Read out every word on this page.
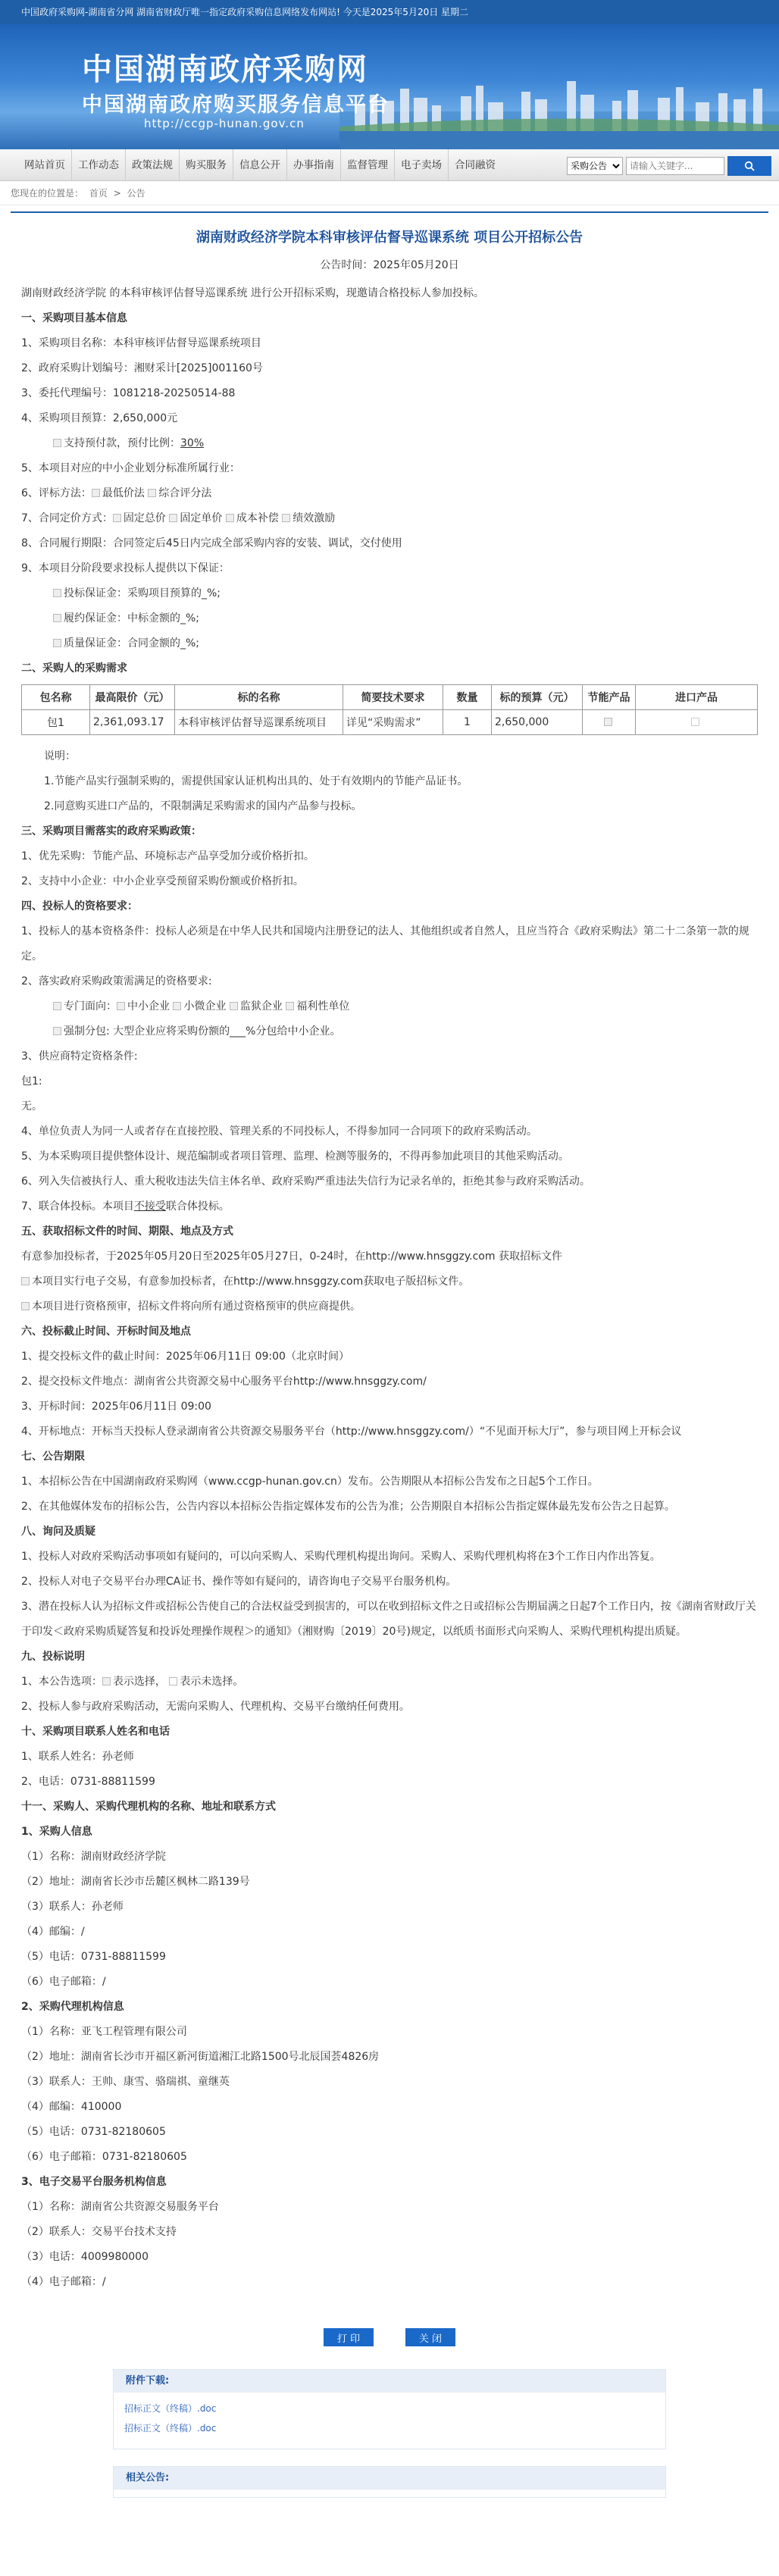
中国政府采购网-湖南省分网 湖南省财政厅唯一指定政府采购信息网络发布网站! 今天是2025年5月20日 星期二
中国湖南政府采购网
中国湖南政府购买服务信息平台
http://ccgp-hunan.gov.cn
网站首页	工作动态	政策法规	购买服务	信息公开	办事指南	监督管理	电子卖场	合同融资
采购公告
请输入关键字...
您现在的位置是： 首页 > 公告
湖南财政经济学院本科审核评估督导巡课系统 项目公开招标公告
公告时间：2025年05月20日
湖南财政经济学院 的本科审核评估督导巡课系统 进行公开招标采购，现邀请合格投标人参加投标。
一、采购项目基本信息
1、采购项目名称：本科审核评估督导巡课系统项目
2、政府采购计划编号：湘财采计[2025]001160号
3、委托代理编号：1081218-20250514-88
4、采购项目预算：2,650,000元
支持预付款，预付比例：30%
5、本项目对应的中小企业划分标准所属行业：
6、评标方法： 最低价法 综合评分法
7、合同定价方式： 固定总价 固定单价 成本补偿 绩效激励
8、合同履行期限：合同签定后45日内完成全部采购内容的安装、调试，交付使用
9、本项目分阶段要求投标人提供以下保证：
投标保证金：采购项目预算的_%;
履约保证金：中标金额的_%;
质量保证金：合同金额的_%;
二、采购人的采购需求
包名称	最高限价（元）	标的名称	简要技术要求	数量	标的预算（元）	节能产品	进口产品
包1	2,361,093.17	本科审核评估督导巡课系统项目	详见“采购需求”	1	2,650,000		
说明：
1.节能产品实行强制采购的，需提供国家认证机构出具的、处于有效期内的节能产品证书。
2.同意购买进口产品的，不限制满足采购需求的国内产品参与投标。
三、采购项目需落实的政府采购政策：
1、优先采购：节能产品、环境标志产品享受加分或价格折扣。
2、支持中小企业：中小企业享受预留采购份额或价格折扣。
四、投标人的资格要求：
1、投标人的基本资格条件：投标人必须是在中华人民共和国境内注册登记的法人、其他组织或者自然人，且应当符合《政府采购法》第二十二条第一款的规定。
2、落实政府采购政策需满足的资格要求:
专门面向： 中小企业 小微企业 监狱企业 福利性单位
强制分包: 大型企业应将采购份额的___%分包给中小企业。
3、供应商特定资格条件:
包1:
无。
4、单位负责人为同一人或者存在直接控股、管理关系的不同投标人，不得参加同一合同项下的政府采购活动。
5、为本采购项目提供整体设计、规范编制或者项目管理、监理、检测等服务的，不得再参加此项目的其他采购活动。
6、列入失信被执行人、重大税收违法失信主体名单、政府采购严重违法失信行为记录名单的，拒绝其参与政府采购活动。
7、联合体投标。本项目不接受联合体投标。
五、获取招标文件的时间、期限、地点及方式
有意参加投标者，于2025年05月20日至2025年05月27日，0-24时，在http://www.hnsggzy.com 获取招标文件
本项目实行电子交易，有意参加投标者，在http://www.hnsggzy.com获取电子版招标文件。
本项目进行资格预审，招标文件将向所有通过资格预审的供应商提供。
六、投标截止时间、开标时间及地点
1、提交投标文件的截止时间：2025年06月11日 09:00（北京时间）
2、提交投标文件地点：湖南省公共资源交易中心服务平台http://www.hnsggzy.com/
3、开标时间：2025年06月11日 09:00
4、开标地点：开标当天投标人登录湖南省公共资源交易服务平台（http://www.hnsggzy.com/）“不见面开标大厅”，参与项目网上开标会议
七、公告期限
1、本招标公告在中国湖南政府采购网（www.ccgp-hunan.gov.cn）发布。公告期限从本招标公告发布之日起5个工作日。
2、在其他媒体发布的招标公告，公告内容以本招标公告指定媒体发布的公告为准；公告期限自本招标公告指定媒体最先发布公告之日起算。
八、询问及质疑
1、投标人对政府采购活动事项如有疑问的，可以向采购人、采购代理机构提出询问。采购人、采购代理机构将在3个工作日内作出答复。
2、投标人对电子交易平台办理CA证书、操作等如有疑问的，请咨询电子交易平台服务机构。
3、潜在投标人认为招标文件或招标公告使自己的合法权益受到损害的，可以在收到招标文件之日或招标公告期届满之日起7个工作日内，按《湖南省财政厅关于印发＜政府采购质疑答复和投诉处理操作规程＞的通知》（湘财购〔2019〕20号)规定，以纸质书面形式向采购人、采购代理机构提出质疑。
九、投标说明
1、本公告选项： 表示选择， 表示未选择。
2、投标人参与政府采购活动，无需向采购人、代理机构、交易平台缴纳任何费用。
十、采购项目联系人姓名和电话
1、联系人姓名：孙老师
2、电话：0731-88811599
十一、采购人、采购代理机构的名称、地址和联系方式
1、采购人信息
（1）名称：湖南财政经济学院
（2）地址：湖南省长沙市岳麓区枫林二路139号
（3）联系人：孙老师
（4）邮编：/
（5）电话：0731-88811599
（6）电子邮箱：/
2、采购代理机构信息
（1）名称：亚飞工程管理有限公司
（2）地址：湖南省长沙市开福区新河街道湘江北路1500号北辰国荟4826房
（3）联系人：王帅、康雪、骆瑞祺、童继英
（4）邮编：410000
（5）电话：0731-82180605
（6）电子邮箱：0731-82180605
3、电子交易平台服务机构信息
（1）名称：湖南省公共资源交易服务平台
（2）联系人：交易平台技术支持
（3）电话：4009980000
（4）电子邮箱：/
打 印	关 闭
附件下载:
招标正文（终稿）.doc
招标正文（终稿）.doc
相关公告:
